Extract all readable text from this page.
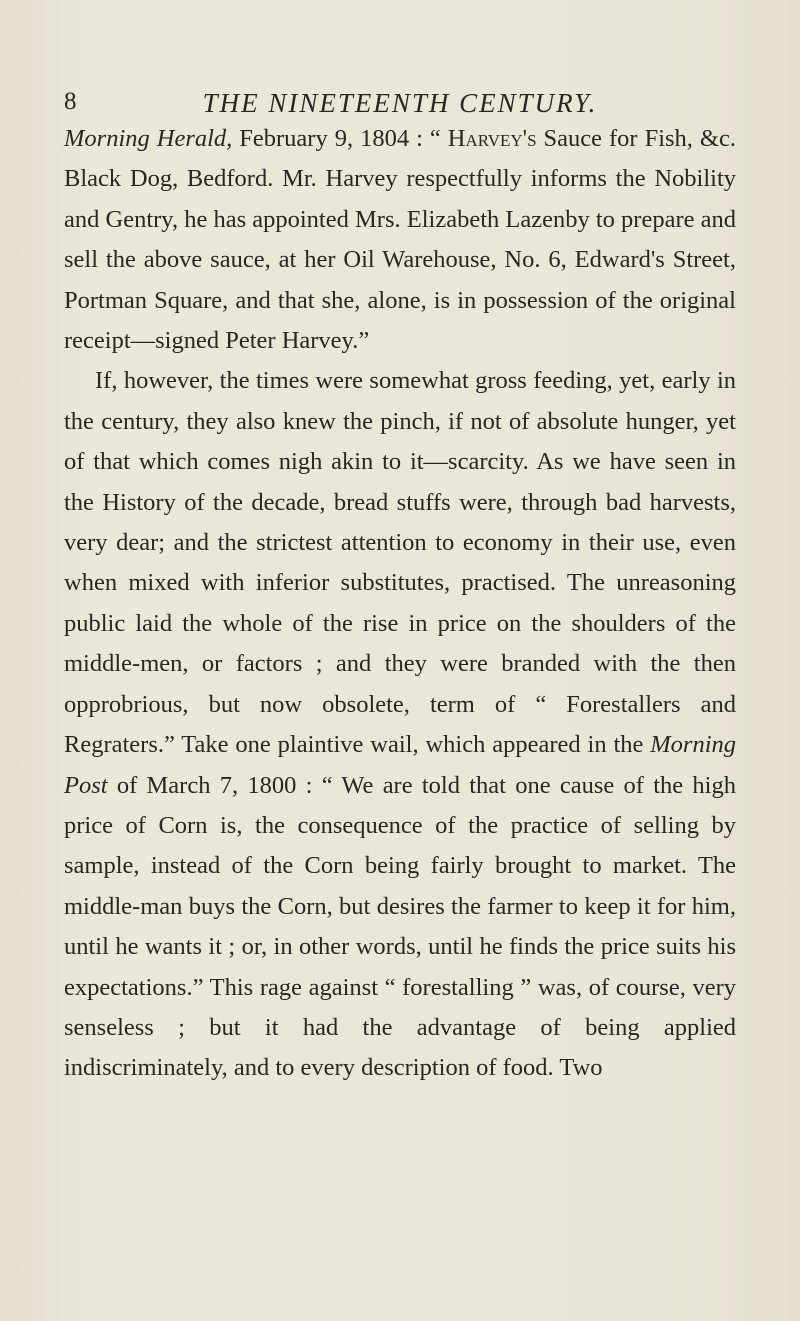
8	THE NINETEENTH CENTURY.

Morning Herald, February 9, 1804 : “ Harvey's Sauce for Fish, &c. Black Dog, Bedford. Mr. Harvey respectfully informs the Nobility and Gentry, he has appointed Mrs. Elizabeth Lazenby to prepare and sell the above sauce, at her Oil Warehouse, No. 6, Edward's Street, Portman Square, and that she, alone, is in possession of the original receipt—signed Peter Harvey.”

If, however, the times were somewhat gross feeding, yet, early in the century, they also knew the pinch, if not of absolute hunger, yet of that which comes nigh akin to it—scarcity. As we have seen in the History of the decade, bread stuffs were, through bad harvests, very dear; and the strictest attention to economy in their use, even when mixed with inferior substitutes, practised. The unreasoning public laid the whole of the rise in price on the shoulders of the middle-men, or factors ; and they were branded with the then opprobrious, but now obsolete, term of “ Forestallers and Regraters.” Take one plaintive wail, which appeared in the Morning Post of March 7, 1800 : “ We are told that one cause of the high price of Corn is, the consequence of the practice of selling by sample, instead of the Corn being fairly brought to market. The middle-man buys the Corn, but desires the farmer to keep it for him, until he wants it ; or, in other words, until he finds the price suits his expectations.” This rage against “ forestalling ” was, of course, very senseless ; but it had the advantage of being applied indiscriminately, and to every description of food. Two
